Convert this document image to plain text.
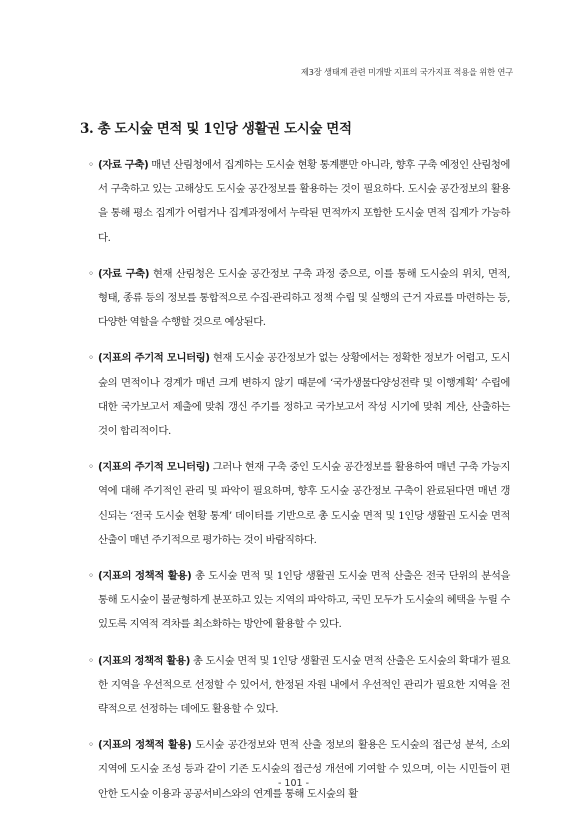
제3장 생태계 관련 미개발 지표의 국가지표 적용을 위한 연구
3. 총 도시숲 면적 및 1인당 생활권 도시숲 면적

◦ (자료 구축) 매년 산림청에서 집계하는 도시숲 현황 통계뿐만 아니라, 향후 구축 예정인 산림청에서 구축하고 있는 고해상도 도시숲 공간정보를 활용하는 것이 필요하다. 도시숲 공간정보의 활용을 통해 평소 집계가 어렵거나 집계과정에서 누락된 면적까지 포함한 도시숲 면적 집계가 가능하다.

◦ (자료 구축) 현재 산림청은 도시숲 공간정보 구축 과정 중으로, 이를 통해 도시숲의 위치, 면적, 형태, 종류 등의 정보를 통합적으로 수집·관리하고 정책 수립 및 실행의 근거 자료를 마련하는 등, 다양한 역할을 수행할 것으로 예상된다.

◦ (지표의 주기적 모니터링) 현재 도시숲 공간정보가 없는 상황에서는 정확한 정보가 어렵고, 도시숲의 면적이나 경계가 매년 크게 변하지 않기 때문에 ‘국가생물다양성전략 및 이행계획’ 수립에 대한 국가보고서 제출에 맞춰 갱신 주기를 정하고 국가보고서 작성 시기에 맞춰 계산, 산출하는 것이 합리적이다.

◦ (지표의 주기적 모니터링) 그러나 현재 구축 중인 도시숲 공간정보를 활용하여 매년 구축 가능지역에 대해 주기적인 관리 및 파악이 필요하며, 향후 도시숲 공간정보 구축이 완료된다면 매년 갱신되는 ‘전국 도시숲 현황 통계’ 데이터를 기반으로 총 도시숲 면적 및 1인당 생활권 도시숲 면적 산출이 매년 주기적으로 평가하는 것이 바람직하다.

◦ (지표의 정책적 활용) 총 도시숲 면적 및 1인당 생활권 도시숲 면적 산출은 전국 단위의 분석을 통해 도시숲이 불균형하게 분포하고 있는 지역의 파악하고, 국민 모두가 도시숲의 혜택을 누릴 수 있도록 지역적 격차를 최소화하는 방안에 활용할 수 있다.

◦ (지표의 정책적 활용) 총 도시숲 면적 및 1인당 생활권 도시숲 면적 산출은 도시숲의 확대가 필요한 지역을 우선적으로 선정할 수 있어서, 한정된 자원 내에서 우선적인 관리가 필요한 지역을 전략적으로 선정하는 데에도 활용할 수 있다.

◦ (지표의 정책적 활용) 도시숲 공간정보와 면적 산출 정보의 활용은 도시숲의 접근성 분석, 소외 지역에 도시숲 조성 등과 같이 기존 도시숲의 접근성 개선에 기여할 수 있으며, 이는 시민들이 편안한 도시숲 이용과 공공서비스와의 연계를 통해 도시숲의 활

- 101 -
